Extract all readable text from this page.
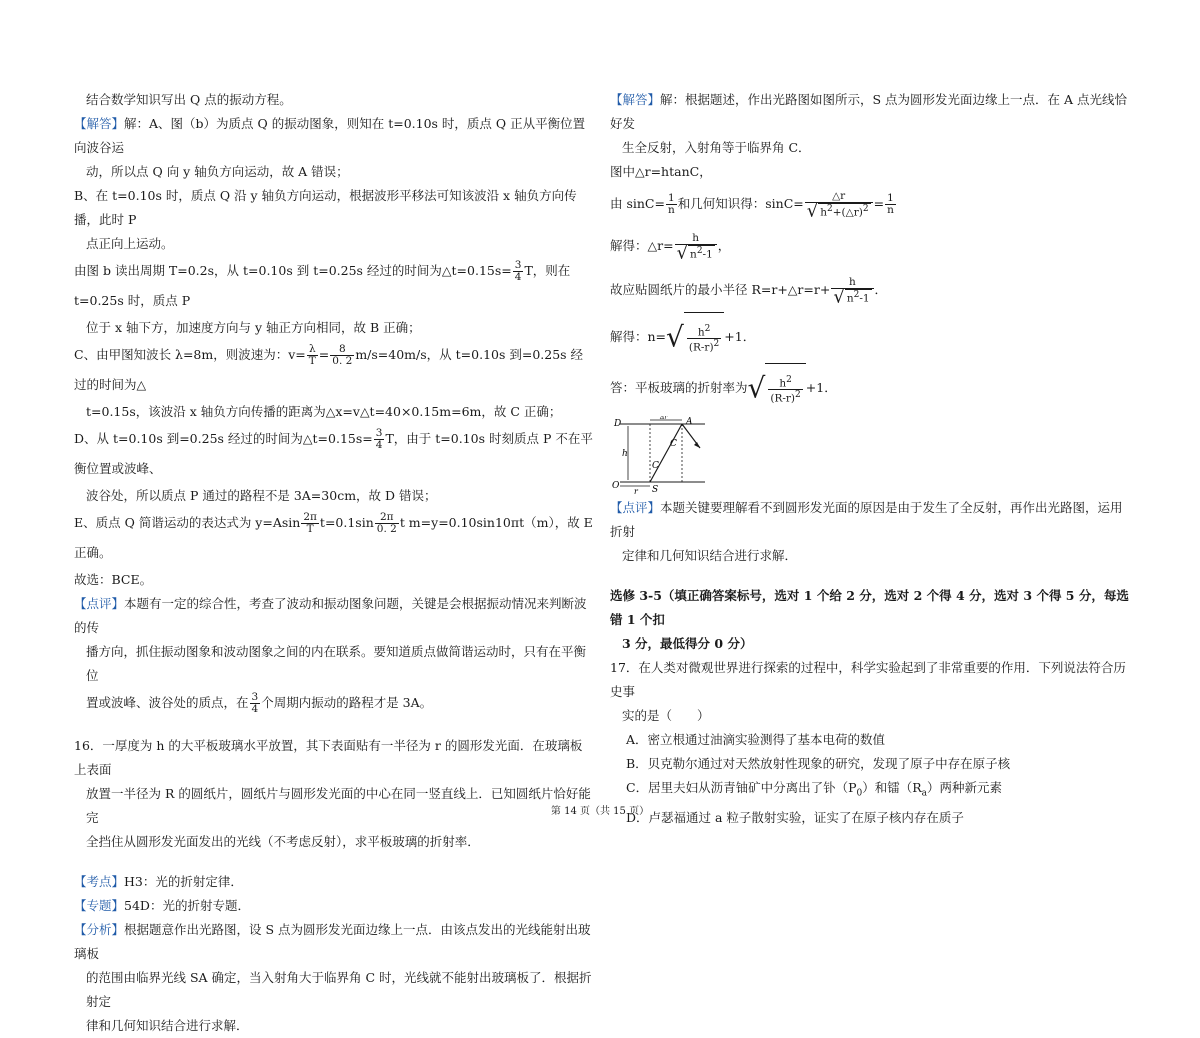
结合数学知识写出 Q 点的振动方程。

【解答】解：A、图（b）为质点 Q 的振动图象，则知在 t=0.10s 时，质点 Q 正从平衡位置向波谷运

动，所以点 Q 向 y 轴负方向运动，故 A 错误；

B、在 t=0.10s 时，质点 Q 沿 y 轴负方向运动，根据波形平移法可知该波沿 x 轴负方向传播，此时 P

点正向上运动。

由图 b 读出周期 T=0.2s，从 t=0.10s 到 t=0.25s 经过的时间为△t=0.15s= $\frac{3}{4}$ T，则在 t=0.25s 时，质点 P

位于 x 轴下方，加速度方向与 y 轴正方向相同，故 B 正确；

C、由甲图知波长 λ=8m，则波速为：$v= \frac{\lambda}{T} = \frac{8}{0. 2} m/s=40m/s$，从 t=0.10s 到=0.25s 经过的时间为△

t=0.15s，该波沿 x 轴负方向传播的距离为△x=v△t=40×0.15m=6m，故 C 正确；

D、从 t=0.10s 到=0.25s 经过的时间为△t=0.15s= $\frac{3}{4}$ T，由于 t=0.10s 时刻质点 P 不在平衡位置或波峰、

波谷处，所以质点 P 通过的路程不是 3A=30cm，故 D 错误；

E、质点 Q 简谐运动的表达式为 $y=Asin \frac{2\pi}{T} t=0.1\sin \frac{2\pi}{0. 2}$ t m=y=0.10sin10πt（m），故 E 正确。

故选：BCE。

【点评】本题有一定的综合性，考查了波动和振动图象问题，关键是会根据振动情况来判断波的传

播方向，抓住振动图象和波动图象之间的内在联系。要知道质点做简谐运动时，只有在平衡位

置或波峰、波谷处的质点，在 $\frac{3}{4}$ 个周期内振动的路程才是 3A。

16．一厚度为 h 的大平板玻璃水平放置，其下表面贴有一半径为 r 的圆形发光面．在玻璃板上表面

放置一半径为 R 的圆纸片，圆纸片与圆形发光面的中心在同一竖直线上．已知圆纸片恰好能完

全挡住从圆形发光面发出的光线（不考虑反射），求平板玻璃的折射率．

【考点】H3：光的折射定律．

【专题】54D：光的折射专题．

【分析】根据题意作出光路图，设 S 点为圆形发光面边缘上一点．由该点发出的光线能射出玻璃板

的范围由临界光线 SA 确定，当入射角大于临界角 C 时，光线就不能射出玻璃板了．根据折射定

律和几何知识结合进行求解．

【解答】解：根据题述，作出光路图如图所示，S 点为圆形发光面边缘上一点．在 A 点光线恰好发

生全反射，入射角等于临界角 C．

图中△r=htanC，

由 $\sin C= \frac{1}{n}$ 和几何知识得：$\sin C= \frac{\triangle r}{√ h2+(\triangle r)2} = \frac{1}{n}$

解得：△r= $\frac{h}{√ n2-1}$ ，

故应贴圆纸片的最小半径 R=r+△r=r+ $\frac{h}{√ n2-1}$ ．

解得：$n=√ \frac{h2}{(R-r)2} +1$．

答：平板玻璃的折射率为√ $\frac{h2}{(R-r)2} +1$．

D	A
O	S
h
C
C
r
Δr

【点评】本题关键要理解看不到圆形发光面的原因是由于发生了全反射，再作出光路图，运用折射

定律和几何知识结合进行求解．

选修 3-5（填正确答案标号，选对 1 个给 2 分，选对 2 个得 4 分，选对 3 个得 5 分，每选错 1 个扣

3 分，最低得分 0 分）

17．在人类对微观世界进行探索的过程中，科学实验起到了非常重要的作用．下列说法符合历史事

实的是（　　）

A．密立根通过油滴实验测得了基本电荷的数值

B．贝克勒尔通过对天然放射性现象的研究，发现了原子中存在原子核

C．居里夫妇从沥青铀矿中分离出了钋$(P_0)$和镭$(R_a)$两种新元素

D．卢瑟福通过 a 粒子散射实验，证实了在原子核内存在质子

第 14 页（共 15 页）
